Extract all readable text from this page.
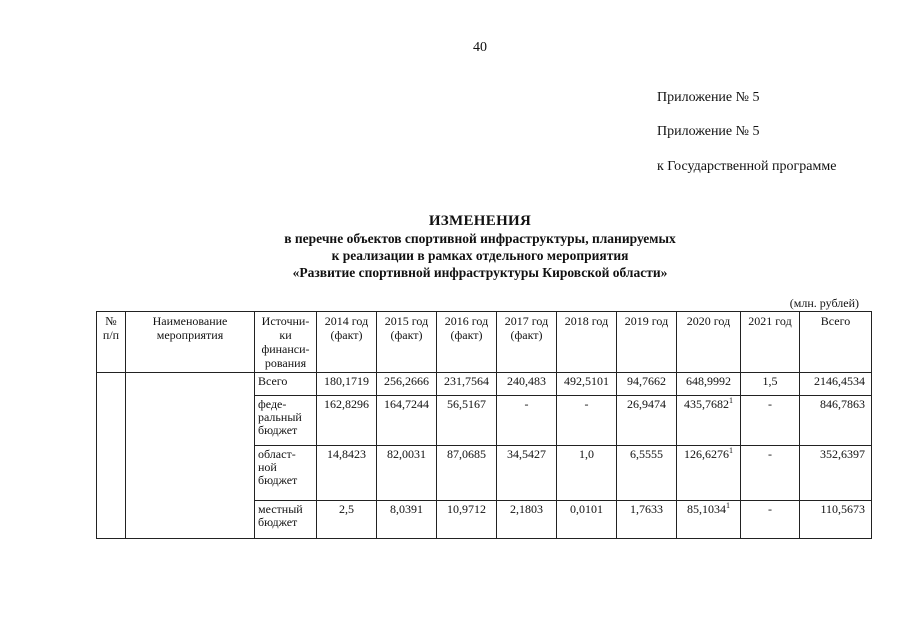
40
Приложение № 5
Приложение № 5
к Государственной программе
ИЗМЕНЕНИЯ
в перечне объектов спортивной инфраструктуры, планируемых
к реализации в рамках отдельного мероприятия
«Развитие спортивной инфраструктуры Кировской области»
(млн. рублей)
№ п/п	Наименование мероприятия	Источни-ки финанси-рования	2014 год (факт)	2015 год (факт)	2016 год (факт)	2017 год (факт)	2018 год	2019 год	2020 год	2021 год	Всего
		Всего	180,1719	256,2666	231,7564	240,483	492,5101	94,7662	648,9992	1,5	2146,4534
		феде-ральный бюджет	162,8296	164,7244	56,5167	-	-	26,9474	435,7682$^1$	-	846,7863
		област-ной бюджет	14,8423	82,0031	87,0685	34,5427	1,0	6,5555	126,6276$^1$	-	352,6397
		местный бюджет	2,5	8,0391	10,9712	2,1803	0,0101	1,7633	85,1034$^1$	-	110,5673
